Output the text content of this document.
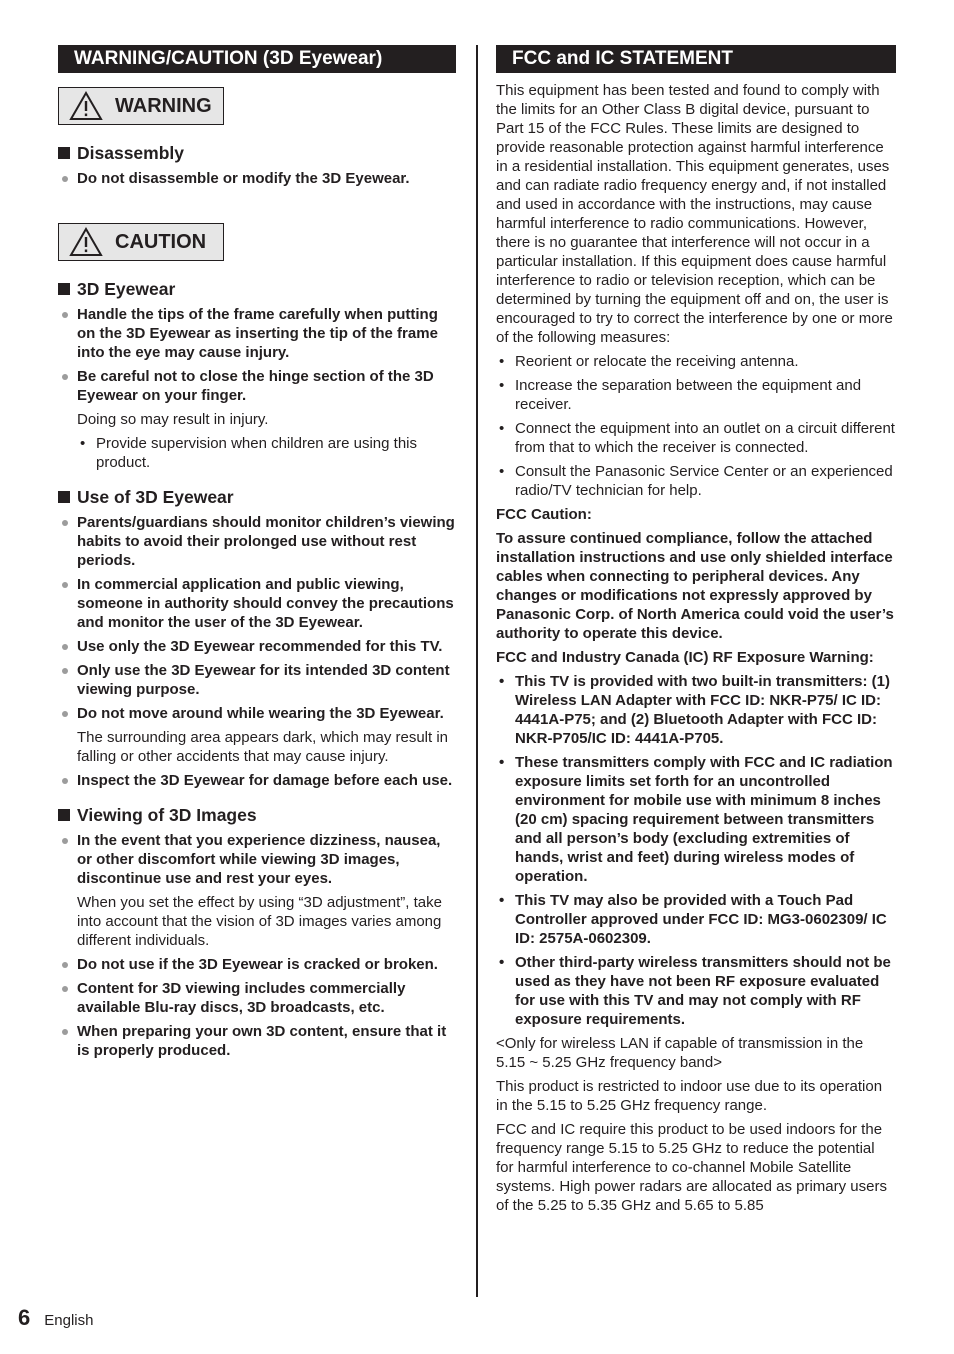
WARNING/CAUTION (3D Eyewear)
WARNING
Disassembly
Do not disassemble or modify the 3D Eyewear.
CAUTION
3D Eyewear
Handle the tips of the frame carefully when putting on the 3D Eyewear as inserting the tip of the frame into the eye may cause injury.
Be careful not to close the hinge section of the 3D Eyewear on your finger.
Doing so may result in injury.
• Provide supervision when children are using this product.
Use of 3D Eyewear
Parents/guardians should monitor children’s viewing habits to avoid their prolonged use without rest periods.
In commercial application and public viewing, someone in authority should convey the precautions and monitor the user of the 3D Eyewear.
Use only the 3D Eyewear recommended for this TV.
Only use the 3D Eyewear for its intended 3D content viewing purpose.
Do not move around while wearing the 3D Eyewear.
The surrounding area appears dark, which may result in falling or other accidents that may cause injury.
Inspect the 3D Eyewear for damage before each use.
Viewing of 3D Images
In the event that you experience dizziness, nausea, or other discomfort while viewing 3D images, discontinue use and rest your eyes.
When you set the effect by using “3D adjustment”, take into account that the vision of 3D images varies among different individuals.
Do not use if the 3D Eyewear is cracked or broken.
Content for 3D viewing includes commercially available Blu-ray discs, 3D broadcasts, etc.
When preparing your own 3D content, ensure that it is properly produced.
FCC and IC STATEMENT
This equipment has been tested and found to comply with the limits for an Other Class B digital device, pursuant to Part 15 of the FCC Rules. These limits are designed to provide reasonable protection against harmful interference in a residential installation. This equipment generates, uses and can radiate radio frequency energy and, if not installed and used in accordance with the instructions, may cause harmful interference to radio communications. However, there is no guarantee that interference will not occur in a particular installation. If this equipment does cause harmful interference to radio or television reception, which can be determined by turning the equipment off and on, the user is encouraged to try to correct the interference by one or more of the following measures:
• Reorient or relocate the receiving antenna.
• Increase the separation between the equipment and receiver.
• Connect the equipment into an outlet on a circuit different from that to which the receiver is connected.
• Consult the Panasonic Service Center or an experienced radio/TV technician for help.
FCC Caution:
To assure continued compliance, follow the attached installation instructions and use only shielded interface cables when connecting to peripheral devices. Any changes or modifications not expressly approved by Panasonic Corp. of North America could void the user’s authority to operate this device.
FCC and Industry Canada (IC) RF Exposure Warning:
• This TV is provided with two built-in transmitters: (1) Wireless LAN Adapter with FCC ID: NKR-P75/ IC ID: 4441A-P75; and (2) Bluetooth Adapter with FCC ID: NKR-P705/IC ID: 4441A-P705.
• These transmitters comply with FCC and IC radiation exposure limits set forth for an uncontrolled environment for mobile use with minimum 8 inches (20 cm) spacing requirement between transmitters and all person’s body (excluding extremities of hands, wrist and feet) during wireless modes of operation.
• This TV may also be provided with a Touch Pad Controller approved under FCC ID: MG3-0602309/ IC ID: 2575A-0602309.
• Other third-party wireless transmitters should not be used as they have not been RF exposure evaluated for use with this TV and may not comply with RF exposure requirements.
<Only for wireless LAN if capable of transmission in the 5.15 ~ 5.25 GHz frequency band>
This product is restricted to indoor use due to its operation in the 5.15 to 5.25 GHz frequency range.
FCC and IC require this product to be used indoors for the frequency range 5.15 to 5.25 GHz to reduce the potential for harmful interference to co-channel Mobile Satellite systems. High power radars are allocated as primary users of the 5.25 to 5.35 GHz and 5.65 to 5.85
6 English
